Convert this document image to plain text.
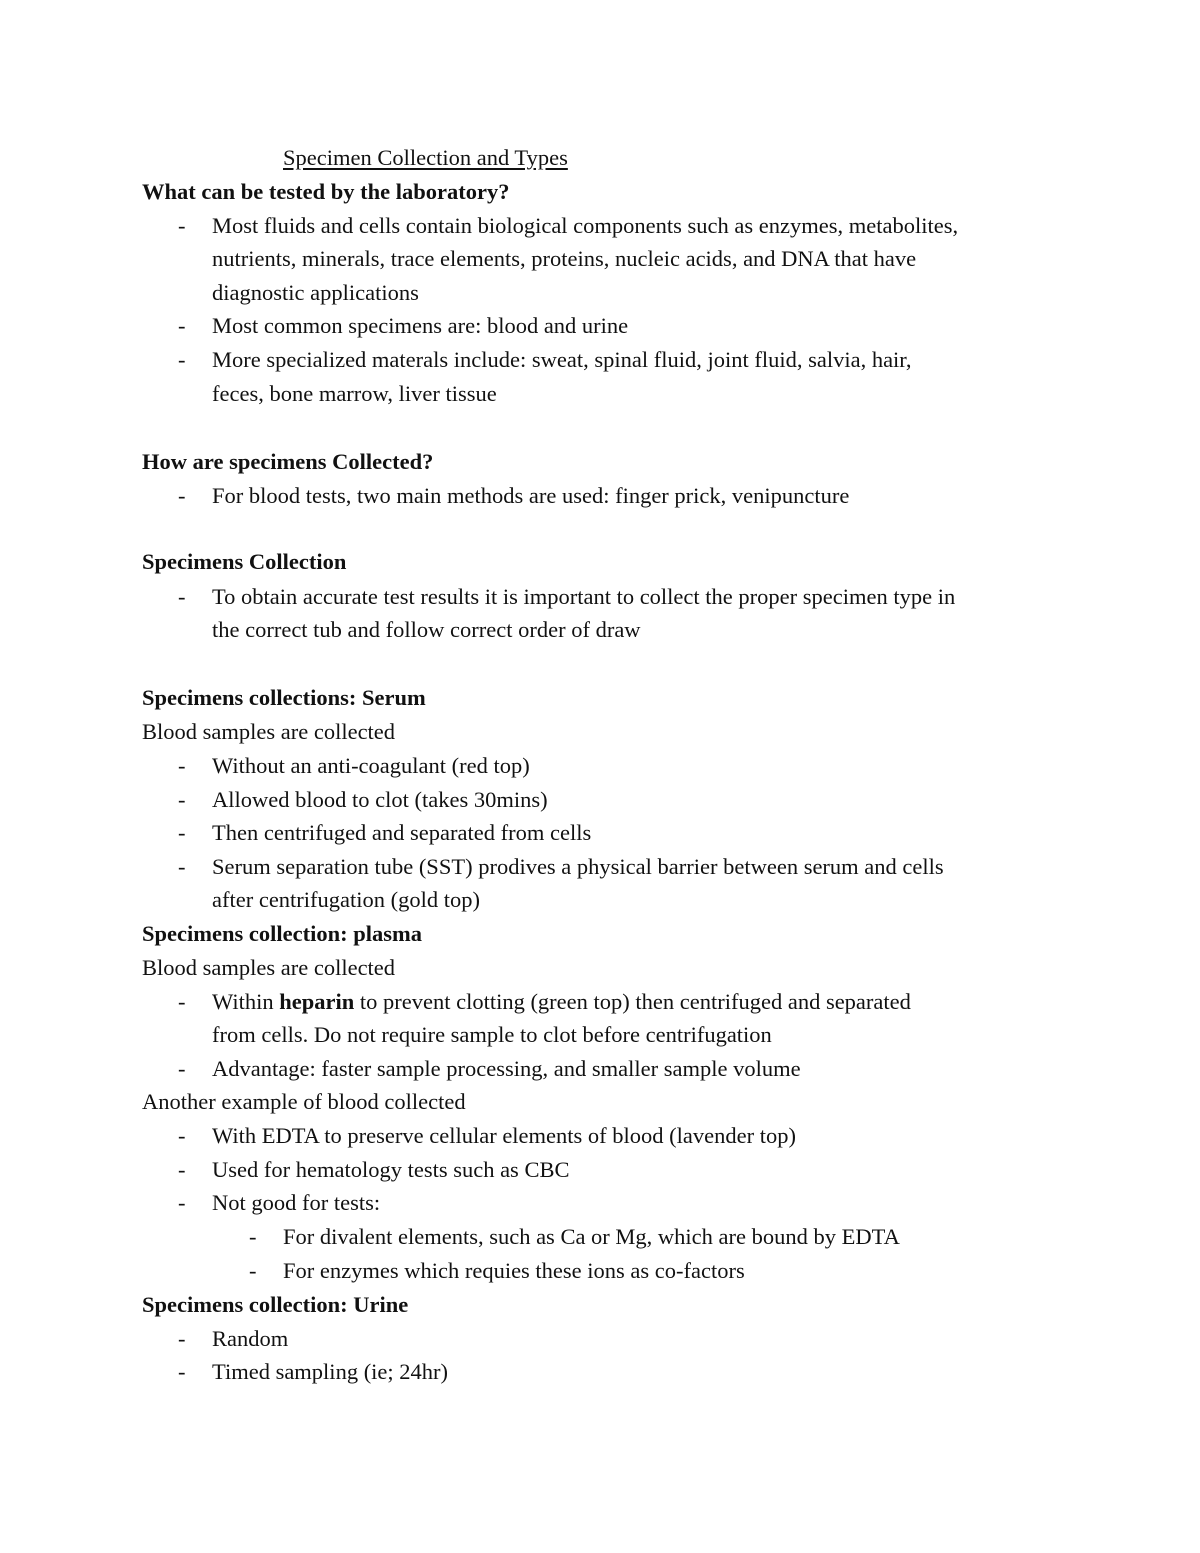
Specimen Collection and Types
What can be tested by the laboratory?
- Most fluids and cells contain biological components such as enzymes, metabolites,
nutrients, minerals, trace elements, proteins, nucleic acids, and DNA that have
diagnostic applications
- Most common specimens are: blood and urine
- More specialized materals include: sweat, spinal fluid, joint fluid, salvia, hair,
feces, bone marrow, liver tissue
How are specimens Collected?
- For blood tests, two main methods are used: finger prick, venipuncture
Specimens Collection
- To obtain accurate test results it is important to collect the proper specimen type in
the correct tub and follow correct order of draw
Specimens collections: Serum
Blood samples are collected
- Without an anti-coagulant (red top)
- Allowed blood to clot (takes 30mins)
- Then centrifuged and separated from cells
- Serum separation tube (SST) prodives a physical barrier between serum and cells
after centrifugation (gold top)
Specimens collection: plasma
Blood samples are collected
- Within heparin to prevent clotting (green top) then centrifuged and separated
from cells. Do not require sample to clot before centrifugation
- Advantage: faster sample processing, and smaller sample volume
Another example of blood collected
- With EDTA to preserve cellular elements of blood (lavender top)
- Used for hematology tests such as CBC
- Not good for tests:
- For divalent elements, such as Ca or Mg, which are bound by EDTA
- For enzymes which requies these ions as co-factors
Specimens collection: Urine
- Random
- Timed sampling (ie; 24hr)
